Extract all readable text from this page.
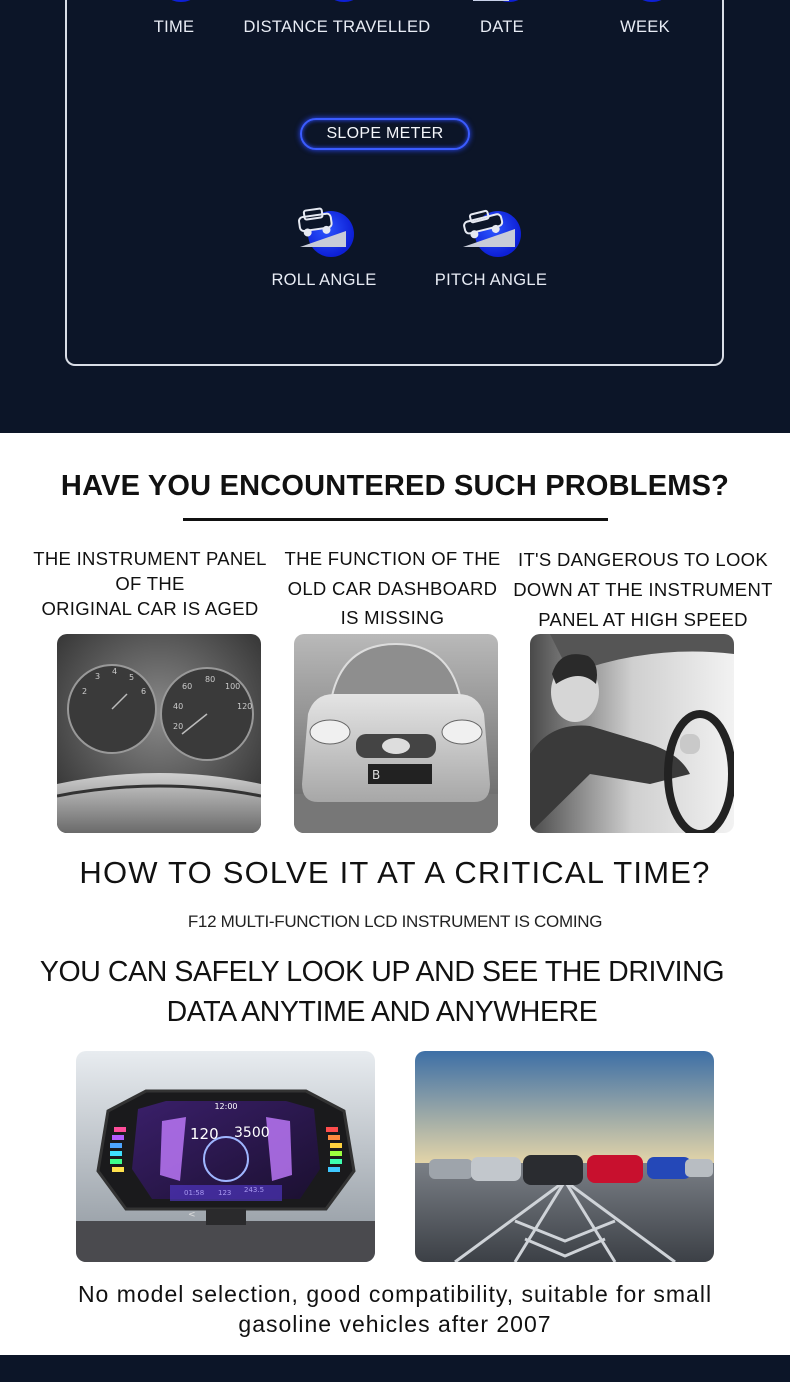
TIME	DISTANCE TRAVELLED	DATE	WEEK
SLOPE METER
ROLL ANGLE	PITCH ANGLE
HAVE YOU ENCOUNTERED SUCH PROBLEMS?
THE INSTRUMENT PANEL
OF THE
ORIGINAL CAR IS AGED
THE FUNCTION OF THE
OLD CAR DASHBOARD
IS MISSING
IT'S DANGEROUS TO LOOK
DOWN AT THE INSTRUMENT
PANEL AT HIGH SPEED
2
3
4
5
6
60
80
100
120
40
20
B
HOW TO SOLVE IT AT A CRITICAL TIME?
F12 MULTI-FUNCTION LCD INSTRUMENT IS COMING
YOU CAN SAFELY LOOK UP AND SEE THE DRIVING
DATA ANYTIME AND ANYWHERE
12:00
120 3500
<
No model selection, good compatibility, suitable for small
gasoline vehicles after 2007
